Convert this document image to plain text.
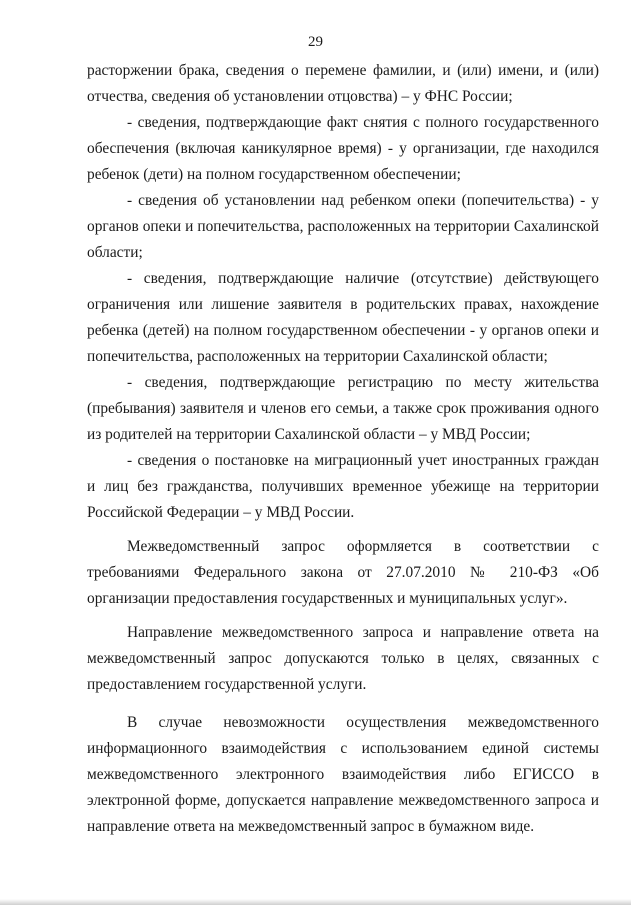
29

расторжении брака, сведения о перемене фамилии, и (или) имени, и (или) отчества, сведения об установлении отцовства) – у ФНС России;

- сведения, подтверждающие факт снятия с полного государственного обеспечения (включая каникулярное время) - у организации, где находился ребенок (дети) на полном государственном обеспечении;

- сведения об установлении над ребенком опеки (попечительства) - у органов опеки и попечительства, расположенных на территории Сахалинской области;

- сведения, подтверждающие наличие (отсутствие) действующего ограничения или лишение заявителя в родительских правах, нахождение ребенка (детей) на полном государственном обеспечении - у органов опеки и попечительства, расположенных на территории Сахалинской области;

- сведения, подтверждающие регистрацию по месту жительства (пребывания) заявителя и членов его семьи, а также срок проживания одного из родителей на территории Сахалинской области – у МВД России;

- сведения о постановке на миграционный учет иностранных граждан и лиц без гражданства, получивших временное убежище на территории Российской Федерации – у МВД России.

Межведомственный запрос оформляется в соответствии с требованиями Федерального закона от 27.07.2010 № 210-ФЗ «Об организации предоставления государственных и муниципальных услуг».

Направление межведомственного запроса и направление ответа на межведомственный запрос допускаются только в целях, связанных с предоставлением государственной услуги.

В случае невозможности осуществления межведомственного информационного взаимодействия с использованием единой системы межведомственного электронного взаимодействия либо ЕГИССО в электронной форме, допускается направление межведомственного запроса и направление ответа на межведомственный запрос в бумажном виде.
